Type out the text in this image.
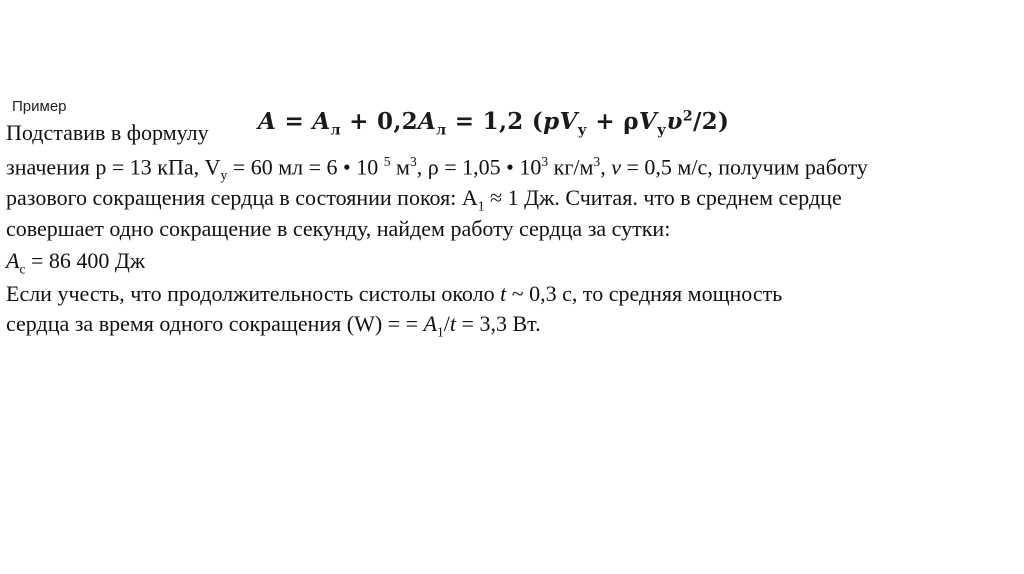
Пример
Подставив в формулу $A = A_л + 0,2A_л = 1,2$ $(pV_у + \rho V_у\upsilon^2/2)$
значения р = 13 кПа, $V_у = 60$ мл = 6 • 10 $^5$ $м^3$, ρ = 1,05 • $10^3$ $кг/м^3$, v = 0,5 м/с, получим работу
разового сокращения сердца в состоянии покоя: $A_1 \approx 1$ Дж. Считая. что в среднем сердце
совершает одно сокращение в секунду, найдем работу сердца за сутки:
$A_c = 86$ 400 Дж
Если учесть, что продолжительность систолы около t ~ 0,3 с, то средняя мощность
сердца за время одного сокращения (W) = = $A_1/t = 3,3$ Вт.
